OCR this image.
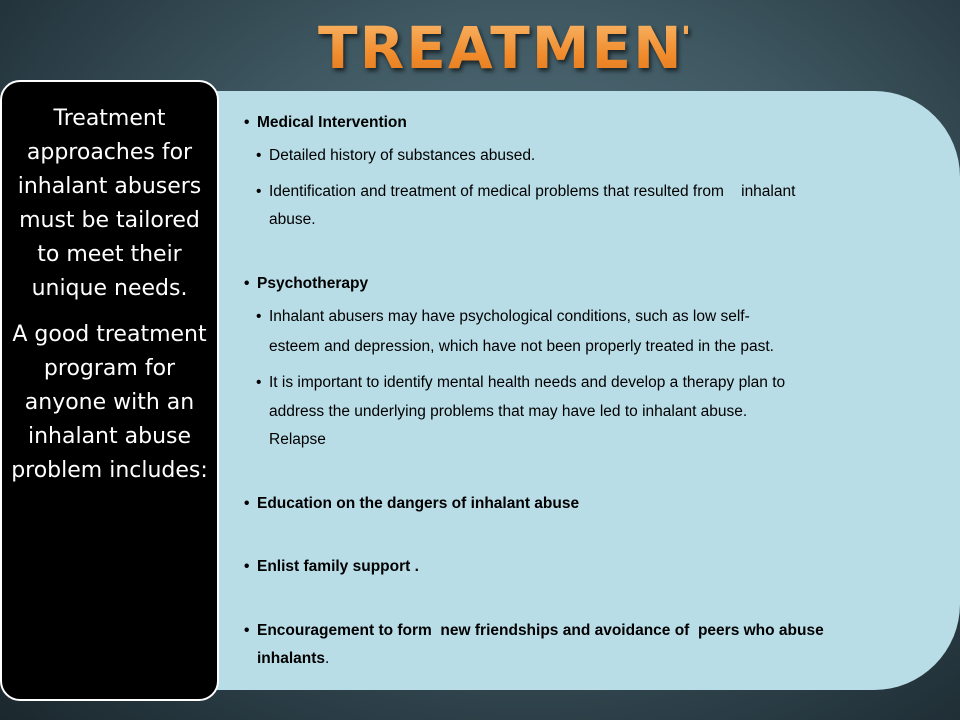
TREATMENT

Treatment approaches for inhalant abusers must be tailored to meet their unique needs.

A good treatment program for anyone with an inhalant abuse problem includes:

• Medical Intervention
• Detailed history of substances abused.
• Identification and treatment of medical problems that resulted from    inhalant
abuse.
• Psychotherapy
• Inhalant abusers may have psychological conditions, such as low self-
esteem and depression, which have not been properly treated in the past.
• It is important to identify mental health needs and develop a therapy plan to
address the underlying problems that may have led to inhalant abuse.
Relapse
• Education on the dangers of inhalant abuse
• Enlist family support .
• Encouragement to form  new friendships and avoidance of  peers who abuse
inhalants.
